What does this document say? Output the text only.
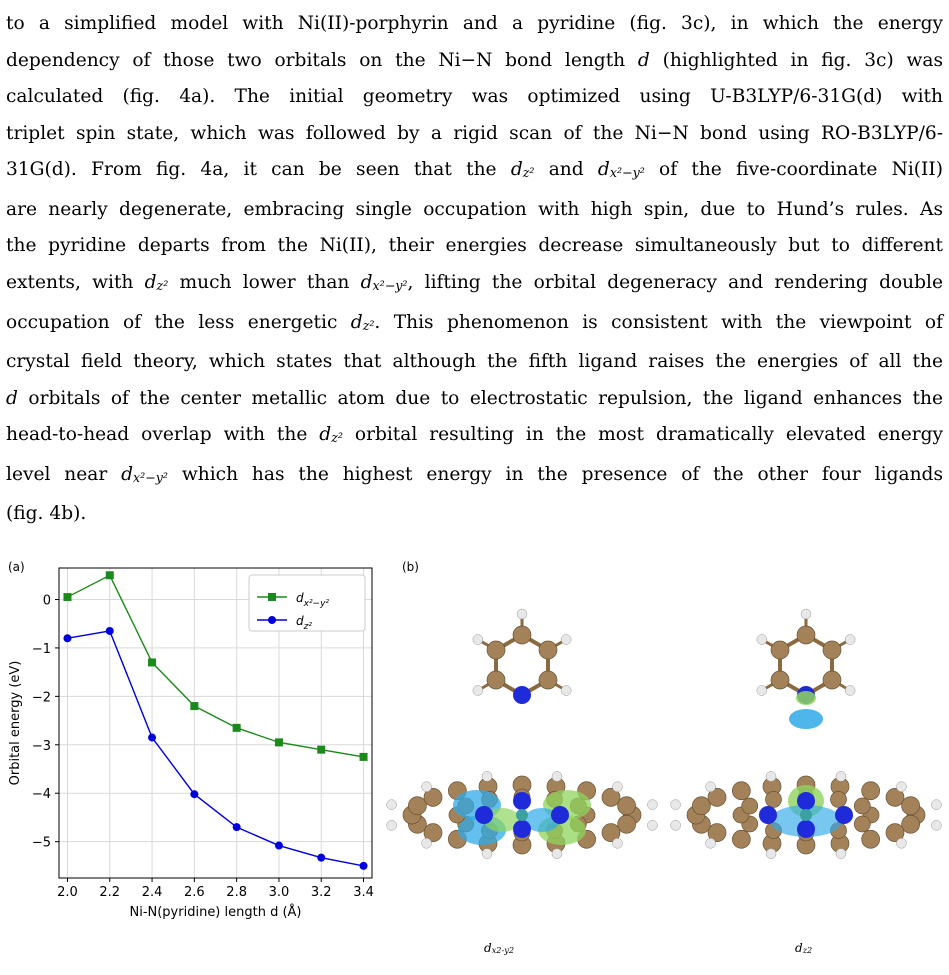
to a simplified model with Ni(II)-porphyrin and a pyridine (fig. 3c), in which the energy

dependency of those two orbitals on the Ni−N bond length d (highlighted in fig. 3c) was

calculated (fig. 4a). The initial geometry was optimized using U-B3LYP/6-31G(d) with

triplet spin state, which was followed by a rigid scan of the Ni−N bond using RO-B3LYP/6-

31G(d). From fig. 4a, it can be seen that the $d_{z^2}$ and $d_{x^2-y^2}$ of the five-coordinate Ni(II)

are nearly degenerate, embracing single occupation with high spin, due to Hund’s rules. As

the pyridine departs from the Ni(II), their energies decrease simultaneously but to different

extents, with $d_{z^2}$ much lower than $d_{x^2-y^2}$, lifting the orbital degeneracy and rendering double

occupation of the less energetic $d_{z^2}$. This phenomenon is consistent with the viewpoint of

crystal field theory, which states that although the fifth ligand raises the energies of all the

d orbitals of the center metallic atom due to electrostatic repulsion, the ligand enhances the

head-to-head overlap with the $d_{z^2}$ orbital resulting in the most dramatically elevated energy

level near $d_{x^2-y^2}$ which has the highest energy in the presence of the other four ligands

(fig. 4b).

(a)
2.0 2.2 2.4 2.6 2.8 3.0 3.2 3.4
0
−1
−2
−3
−4
−5
Ni-N(pyridine) length d (Å)
Orbital energy (eV)
$d_{x^2-y^2}$
$d_{z^2}$
(b)
$d_{x2-y2}$	$d_{z2}$
